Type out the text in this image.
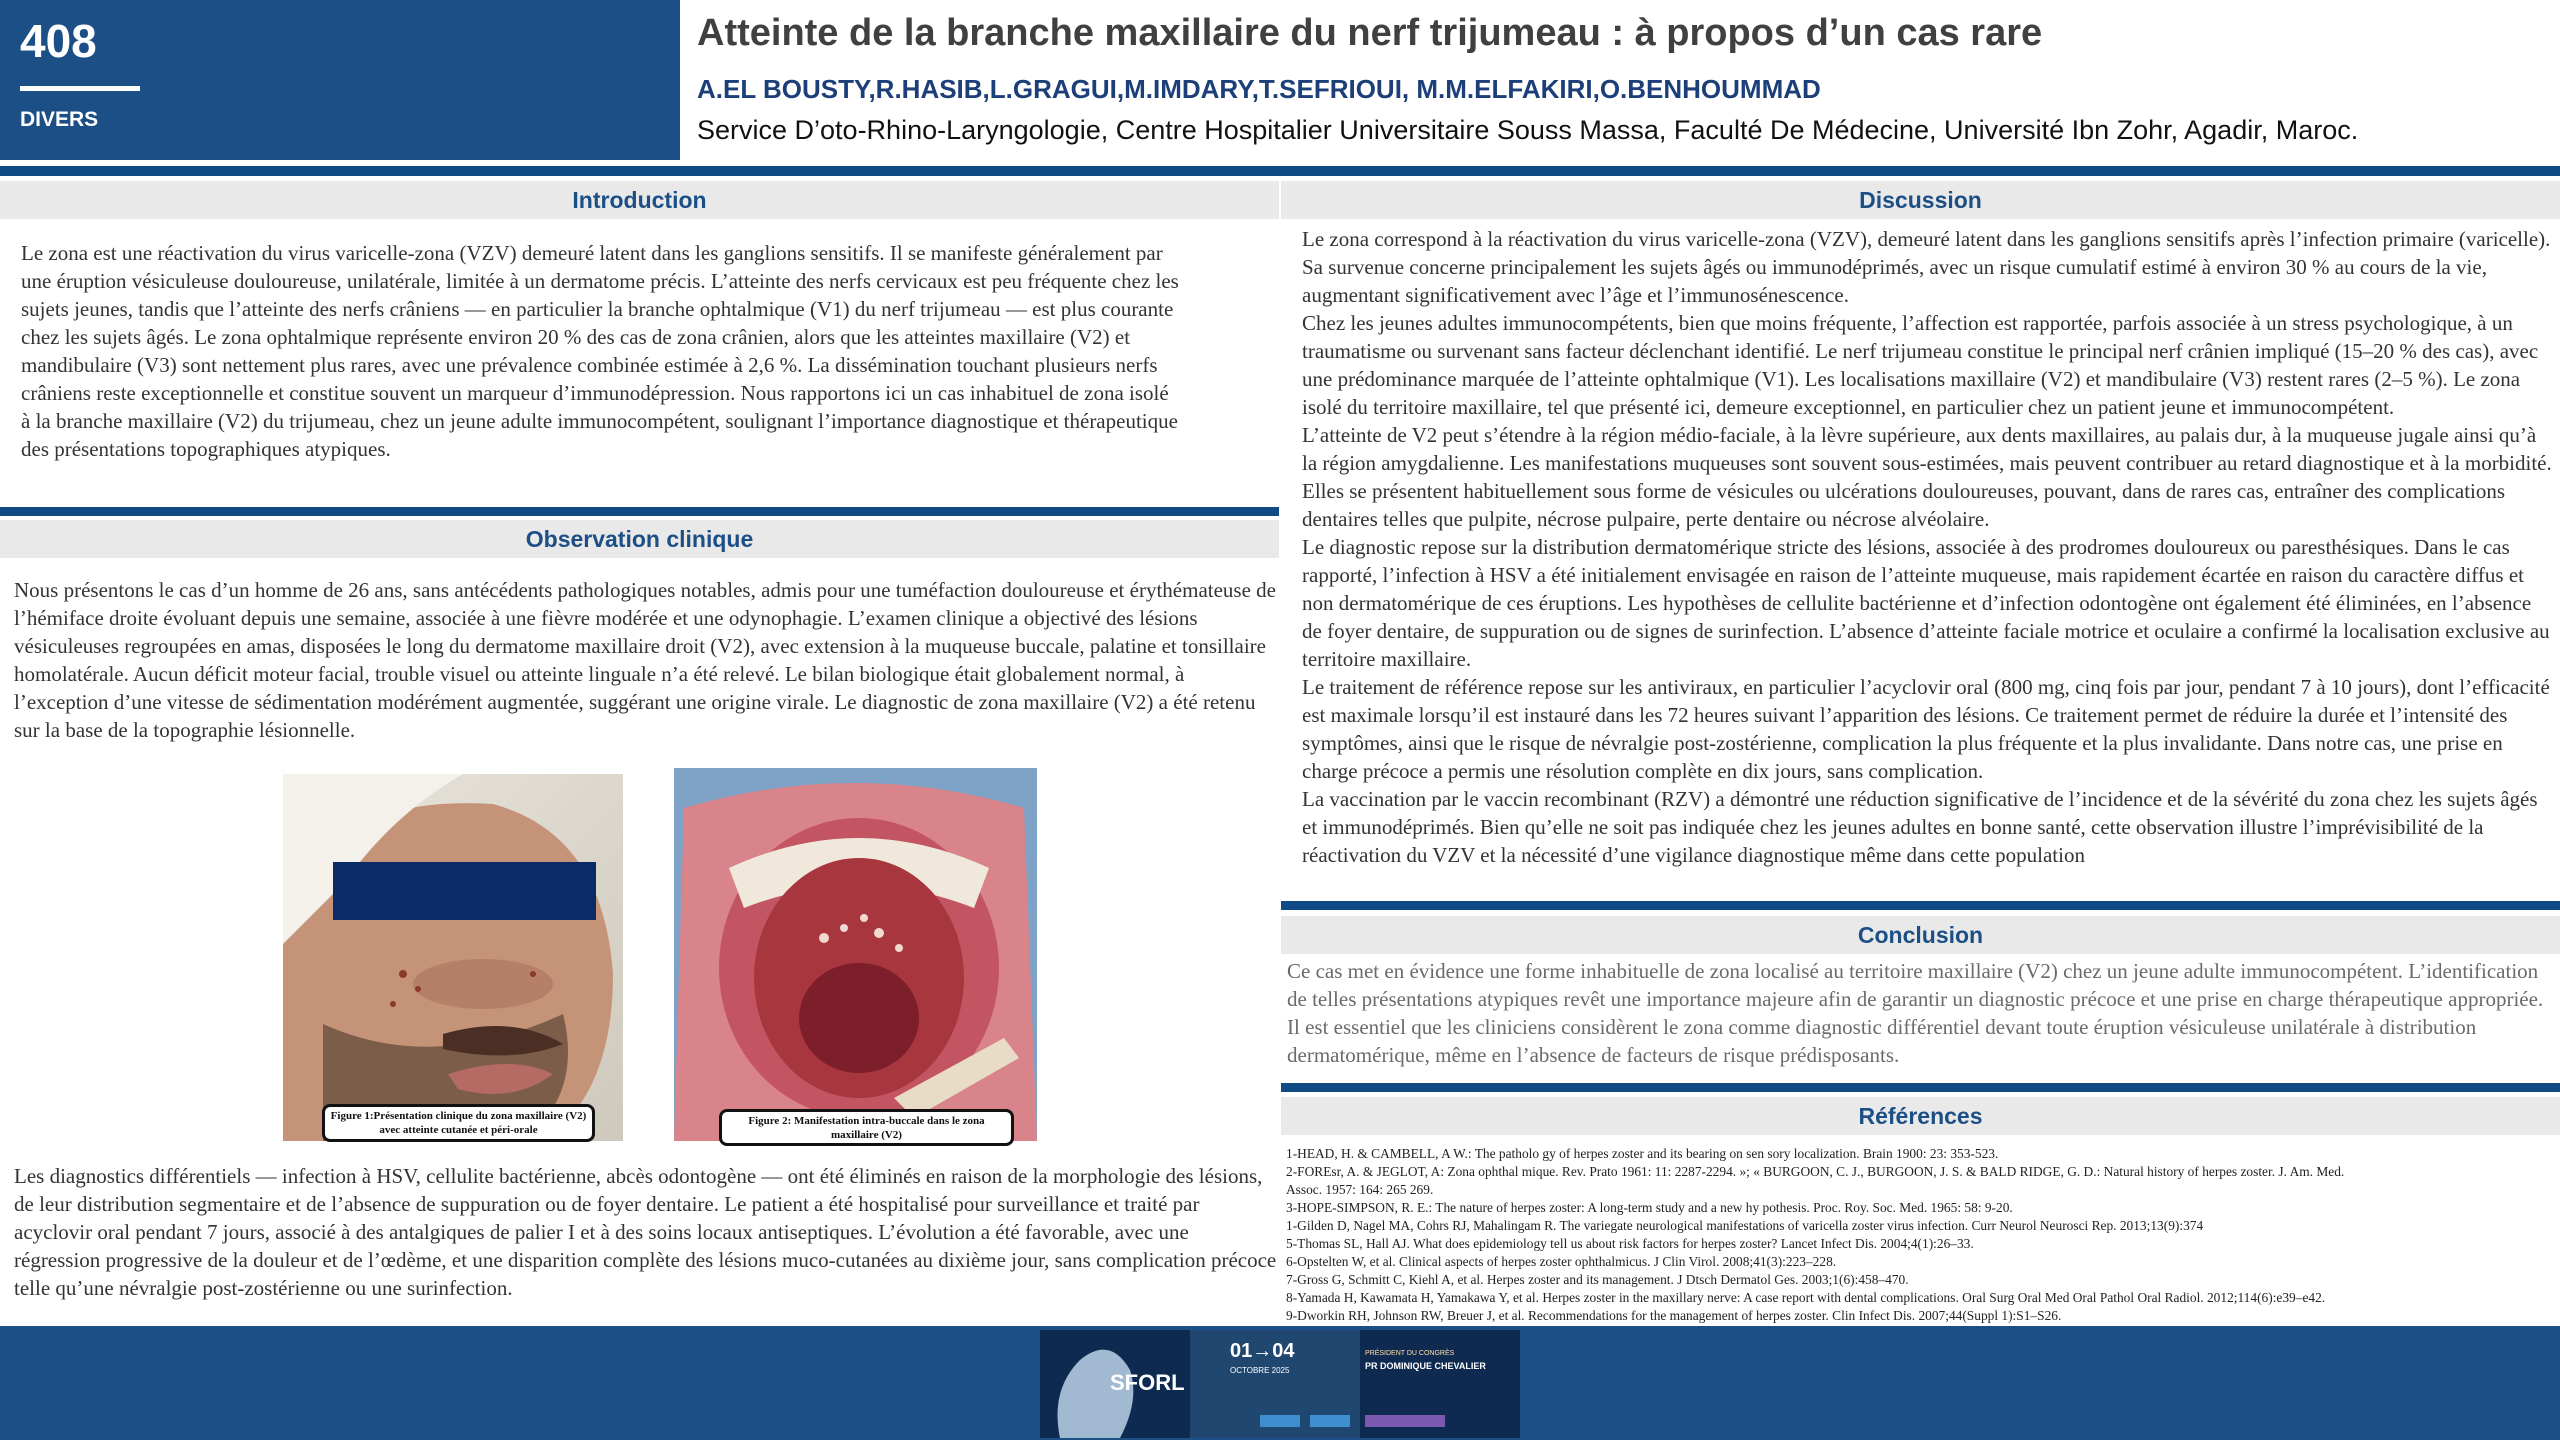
408
DIVERS
Atteinte de la branche maxillaire du nerf trijumeau : à propos d’un cas rare
A.EL BOUSTY,R.HASIB,L.GRAGUI,M.IMDARY,T.SEFRIOUI, M.M.ELFAKIRI,O.BENHOUMMAD
Service D’oto-Rhino-Laryngologie, Centre Hospitalier Universitaire Souss Massa, Faculté De Médecine, Université Ibn Zohr, Agadir, Maroc.
Introduction
Le zona est une réactivation du virus varicelle-zona (VZV) demeuré latent dans les ganglions sensitifs. Il se manifeste généralement par une éruption vésiculeuse douloureuse, unilatérale, limitée à un dermatome précis. L’atteinte des nerfs cervicaux est peu fréquente chez les sujets jeunes, tandis que l’atteinte des nerfs crâniens — en particulier la branche ophtalmique (V1) du nerf trijumeau — est plus courante chez les sujets âgés. Le zona ophtalmique représente environ 20 % des cas de zona crânien, alors que les atteintes maxillaire (V2) et mandibulaire (V3) sont nettement plus rares, avec une prévalence combinée estimée à 2,6 %. La dissémination touchant plusieurs nerfs crâniens reste exceptionnelle et constitue souvent un marqueur d’immunodépression. Nous rapportons ici un cas inhabituel de zona isolé à la branche maxillaire (V2) du trijumeau, chez un jeune adulte immunocompétent, soulignant l’importance diagnostique et thérapeutique des présentations topographiques atypiques.
Observation clinique
Nous présentons le cas d’un homme de 26 ans, sans antécédents pathologiques notables, admis pour une tuméfaction douloureuse et érythémateuse de l’hémiface droite évoluant depuis une semaine, associée à une fièvre modérée et une odynophagie. L’examen clinique a objectivé des lésions vésiculeuses regroupées en amas, disposées le long du dermatome maxillaire droit (V2), avec extension à la muqueuse buccale, palatine et tonsillaire homolatérale. Aucun déficit moteur facial, trouble visuel ou atteinte linguale n’a été relevé. Le bilan biologique était globalement normal, à l’exception d’une vitesse de sédimentation modérément augmentée, suggérant une origine virale. Le diagnostic de zona maxillaire (V2) a été retenu sur la base de la topographie lésionnelle.
Figure 1:Présentation clinique du zona maxillaire (V2) avec atteinte cutanée et péri-orale
Figure 2: Manifestation intra-buccale dans le zona maxillaire (V2)
Les diagnostics différentiels — infection à HSV, cellulite bactérienne, abcès odontogène — ont été éliminés en raison de la morphologie des lésions, de leur distribution segmentaire et de l’absence de suppuration ou de foyer dentaire. Le patient a été hospitalisé pour surveillance et traité par acyclovir oral pendant 7 jours, associé à des antalgiques de palier I et à des soins locaux antiseptiques. L’évolution a été favorable, avec une régression progressive de la douleur et de l’œdème, et une disparition complète des lésions muco-cutanées au dixième jour, sans complication précoce telle qu’une névralgie post-zostérienne ou une surinfection.
Discussion

Le zona correspond à la réactivation du virus varicelle-zona (VZV), demeuré latent dans les ganglions sensitifs après l’infection primaire (varicelle). Sa survenue concerne principalement les sujets âgés ou immunodéprimés, avec un risque cumulatif estimé à environ 30 % au cours de la vie, augmentant significativement avec l’âge et l’immunosénescence.

Chez les jeunes adultes immunocompétents, bien que moins fréquente, l’affection est rapportée, parfois associée à un stress psychologique, à un traumatisme ou survenant sans facteur déclenchant identifié. Le nerf trijumeau constitue le principal nerf crânien impliqué (15–20 % des cas), avec une prédominance marquée de l’atteinte ophtalmique (V1). Les localisations maxillaire (V2) et mandibulaire (V3) restent rares (2–5 %). Le zona isolé du territoire maxillaire, tel que présenté ici, demeure exceptionnel, en particulier chez un patient jeune et immunocompétent.

L’atteinte de V2 peut s’étendre à la région médio-faciale, à la lèvre supérieure, aux dents maxillaires, au palais dur, à la muqueuse jugale ainsi qu’à la région amygdalienne. Les manifestations muqueuses sont souvent sous-estimées, mais peuvent contribuer au retard diagnostique et à la morbidité. Elles se présentent habituellement sous forme de vésicules ou ulcérations douloureuses, pouvant, dans de rares cas, entraîner des complications dentaires telles que pulpite, nécrose pulpaire, perte dentaire ou nécrose alvéolaire.

Le diagnostic repose sur la distribution dermatomérique stricte des lésions, associée à des prodromes douloureux ou paresthésiques. Dans le cas rapporté, l’infection à HSV a été initialement envisagée en raison de l’atteinte muqueuse, mais rapidement écartée en raison du caractère diffus et non dermatomérique de ces éruptions. Les hypothèses de cellulite bactérienne et d’infection odontogène ont également été éliminées, en l’absence de foyer dentaire, de suppuration ou de signes de surinfection. L’absence d’atteinte faciale motrice et oculaire a confirmé la localisation exclusive au territoire maxillaire.

Le traitement de référence repose sur les antiviraux, en particulier l’acyclovir oral (800 mg, cinq fois par jour, pendant 7 à 10 jours), dont l’efficacité est maximale lorsqu’il est instauré dans les 72 heures suivant l’apparition des lésions. Ce traitement permet de réduire la durée et l’intensité des symptômes, ainsi que le risque de névralgie post-zostérienne, complication la plus fréquente et la plus invalidante. Dans notre cas, une prise en charge précoce a permis une résolution complète en dix jours, sans complication.

La vaccination par le vaccin recombinant (RZV) a démontré une réduction significative de l’incidence et de la sévérité du zona chez les sujets âgés et immunodéprimés. Bien qu’elle ne soit pas indiquée chez les jeunes adultes en bonne santé, cette observation illustre l’imprévisibilité de la réactivation du VZV et la nécessité d’une vigilance diagnostique même dans cette population

Conclusion
Ce cas met en évidence une forme inhabituelle de zona localisé au territoire maxillaire (V2) chez un jeune adulte immunocompétent. L’identification de telles présentations atypiques revêt une importance majeure afin de garantir un diagnostic précoce et une prise en charge thérapeutique appropriée. Il est essentiel que les cliniciens considèrent le zona comme diagnostic différentiel devant toute éruption vésiculeuse unilatérale à distribution dermatomérique, même en l’absence de facteurs de risque prédisposants.
Références
1-HEAD, H. & CAMBELL, A W.: The patholo gy of herpes zoster and its bearing on sen sory localization. Brain 1900: 23: 353-523.
2-FOREsr, A. & JEGLOT, A: Zona ophthal mique. Rev. Prato 1961: 11: 2287-2294. »; « BURGOON, C. J., BURGOON, J. S. & BALD RIDGE, G. D.: Natural history of herpes zoster. J. Am. Med.
Assoc. 1957: 164: 265 269.
3-HOPE-SIMPSON, R. E.: The nature of herpes zoster: A long-term study and a new hy pothesis. Proc. Roy. Soc. Med. 1965: 58: 9-20.
1-Gilden D, Nagel MA, Cohrs RJ, Mahalingam R. The variegate neurological manifestations of varicella zoster virus infection. Curr Neurol Neurosci Rep. 2013;13(9):374
5-Thomas SL, Hall AJ. What does epidemiology tell us about risk factors for herpes zoster? Lancet Infect Dis. 2004;4(1):26–33.
6-Opstelten W, et al. Clinical aspects of herpes zoster ophthalmicus. J Clin Virol. 2008;41(3):223–228.
7-Gross G, Schmitt C, Kiehl A, et al. Herpes zoster and its management. J Dtsch Dermatol Ges. 2003;1(6):458–470.
8-Yamada H, Kawamata H, Yamakawa Y, et al. Herpes zoster in the maxillary nerve: A case report with dental complications. Oral Surg Oral Med Oral Pathol Oral Radiol. 2012;114(6):e39–e42.
9-Dworkin RH, Johnson RW, Breuer J, et al. Recommendations for the management of herpes zoster. Clin Infect Dis. 2007;44(Suppl 1):S1–S26.
SFORL
01→04
OCTOBRE 2025
PRÉSIDENT DU CONGRÈS
PR DOMINIQUE CHEVALIER
